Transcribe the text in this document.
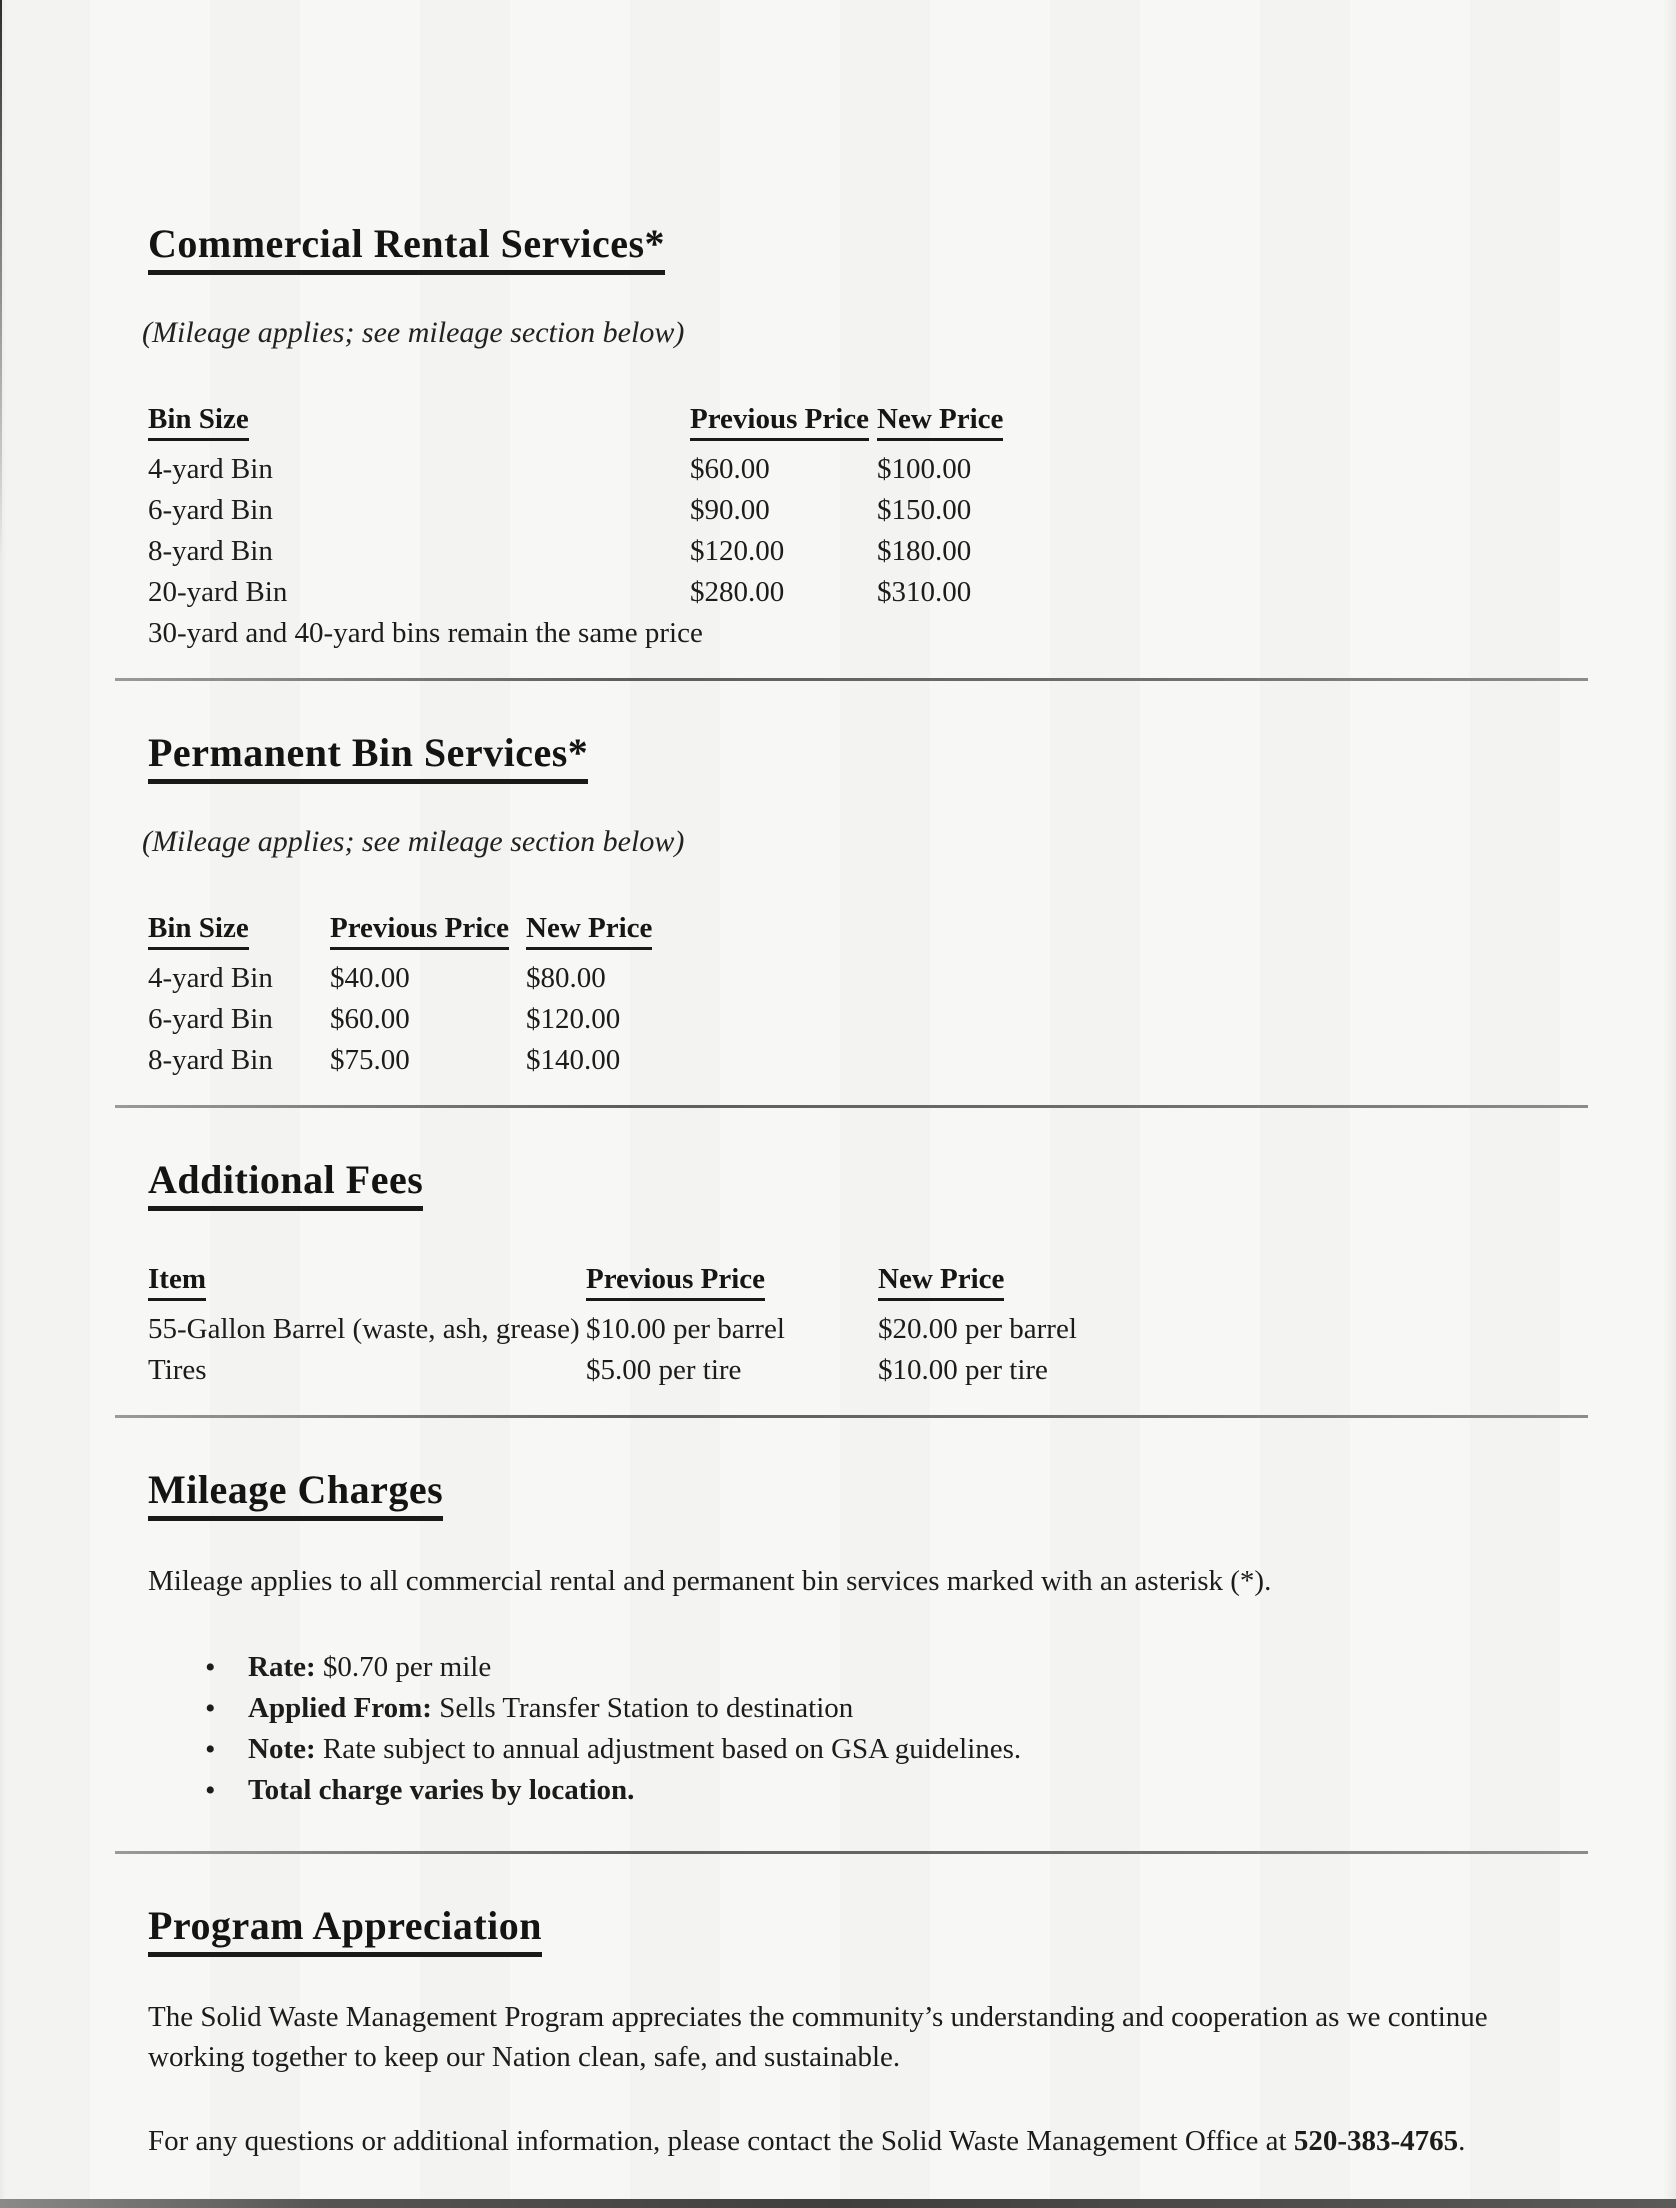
Commercial Rental Services*

(Mileage applies; see mileage section below)

Bin Size	Previous Price New Price
4-yard Bin	$60.00	$100.00
6-yard Bin	$90.00	$150.00
8-yard Bin	$120.00	$180.00
20-yard Bin	$280.00	$310.00
30-yard and 40-yard bins remain the same price
Permanent Bin Services*

(Mileage applies; see mileage section below)

Bin Size	Previous Price New Price
4-yard Bin	$40.00	$80.00
6-yard Bin	$60.00	$120.00
8-yard Bin	$75.00	$140.00
Additional Fees
Item	Previous Price	New Price
55-Gallon Barrel (waste, ash, grease) $10.00 per barrel	$20.00 per barrel
Tires	$5.00 per tire	$10.00 per tire
Mileage Charges

Mileage applies to all commercial rental and permanent bin services marked with an asterisk (*).

• Rate: $0.70 per mile
• Applied From: Sells Transfer Station to destination
• Note: Rate subject to annual adjustment based on GSA guidelines.
• Total charge varies by location.
Program Appreciation

The Solid Waste Management Program appreciates the community’s understanding and cooperation as we continue working together to keep our Nation clean, safe, and sustainable.

For any questions or additional information, please contact the Solid Waste Management Office at 520-383-4765.
